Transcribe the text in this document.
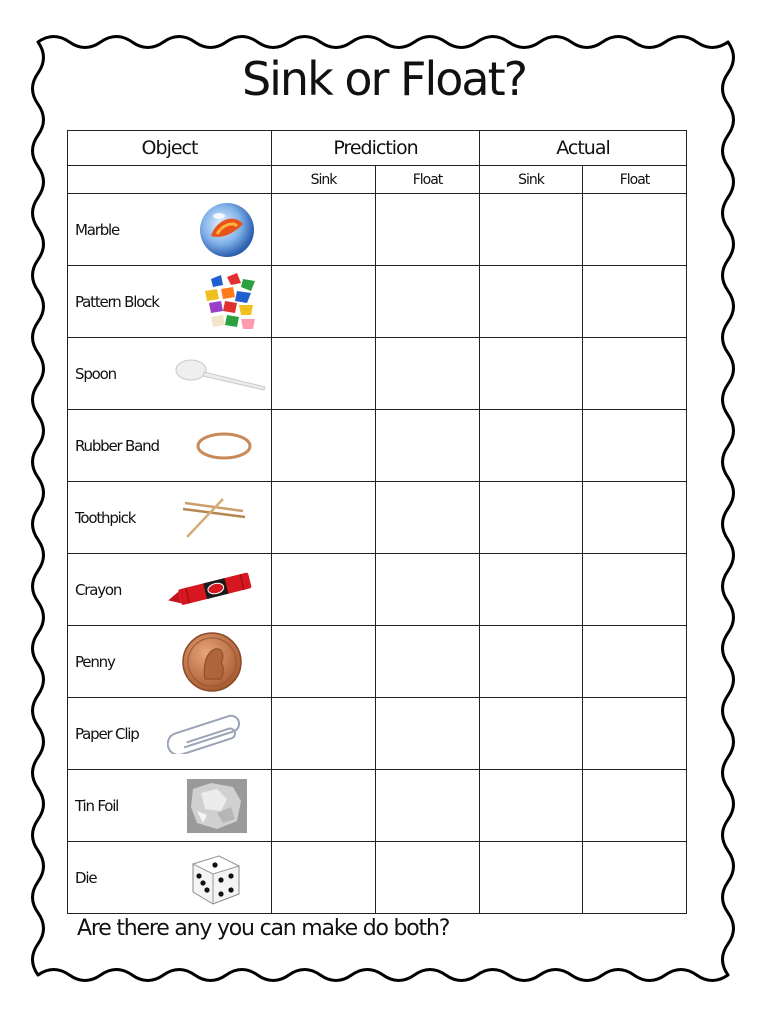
Sink or Float?
Object	Prediction		Actual	
	Sink	Float	Sink	Float

Marble				

Pattern Block				

Spoon				

Rubber Band				

Toothpick				

Crayon				

Penny				

Paper Clip				

Tin Foil				

Die				

Are there any you can make do both?
